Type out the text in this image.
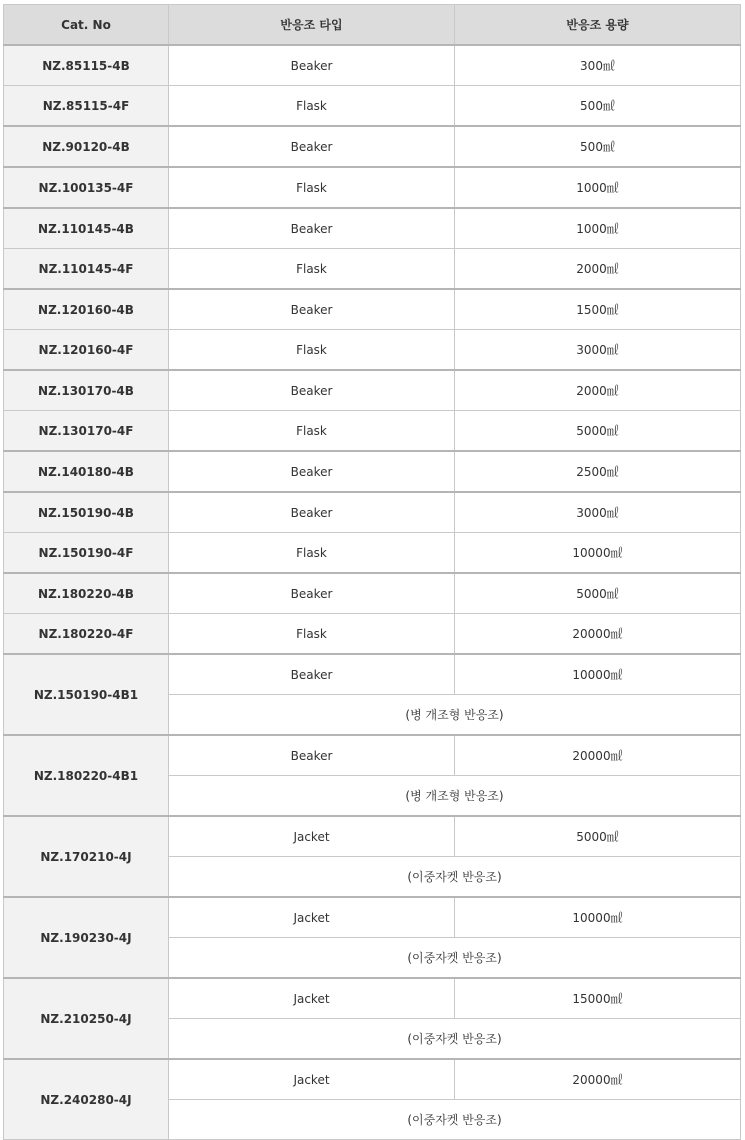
Cat. No	반응조 타입	반응조 용량
NZ.85115-4B	Beaker	300㎖
NZ.85115-4F	Flask	500㎖
NZ.90120-4B	Beaker	500㎖
NZ.100135-4F	Flask	1000㎖
NZ.110145-4B	Beaker	1000㎖
NZ.110145-4F	Flask	2000㎖
NZ.120160-4B	Beaker	1500㎖
NZ.120160-4F	Flask	3000㎖
NZ.130170-4B	Beaker	2000㎖
NZ.130170-4F	Flask	5000㎖
NZ.140180-4B	Beaker	2500㎖
NZ.150190-4B	Beaker	3000㎖
NZ.150190-4F	Flask	10000㎖
NZ.180220-4B	Beaker	5000㎖
NZ.180220-4F	Flask	20000㎖
NZ.150190-4B1	Beaker	10000㎖
	(병 개조형 반응조)	
NZ.180220-4B1	Beaker	20000㎖
	(병 개조형 반응조)	
NZ.170210-4J	Jacket	5000㎖
	(이중자켓 반응조)	
NZ.190230-4J	Jacket	10000㎖
	(이중자켓 반응조)	
NZ.210250-4J	Jacket	15000㎖
	(이중자켓 반응조)	
NZ.240280-4J	Jacket	20000㎖
	(이중자켓 반응조)	
